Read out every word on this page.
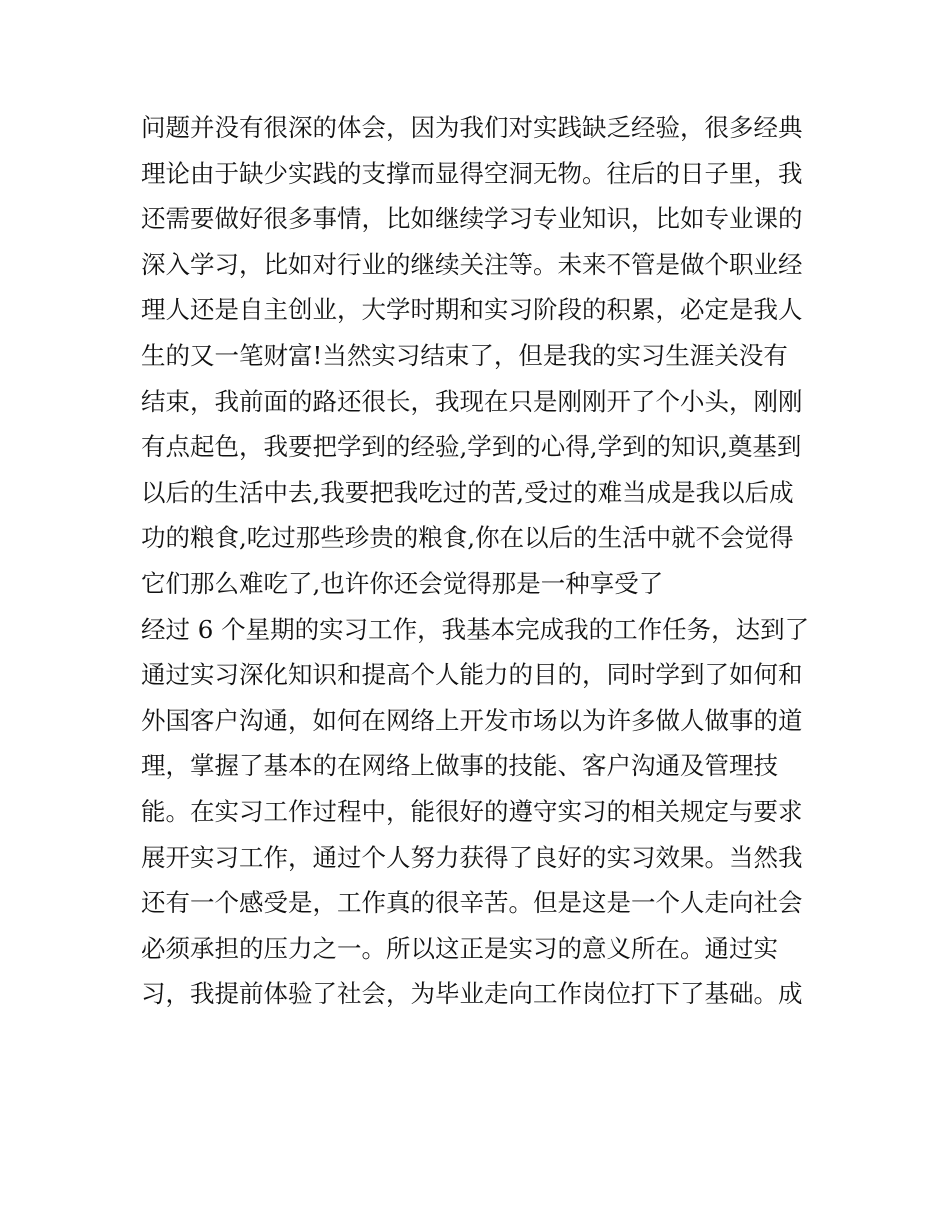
问题并没有很深的体会，因为我们对实践缺乏经验，很多经典
理论由于缺少实践的支撑而显得空洞无物。往后的日子里，我
还需要做好很多事情，比如继续学习专业知识，比如专业课的
深入学习，比如对行业的继续关注等。未来不管是做个职业经
理人还是自主创业，大学时期和实习阶段的积累，必定是我人
生的又一笔财富!当然实习结束了，但是我的实习生涯关没有
结束，我前面的路还很长，我现在只是刚刚开了个小头，刚刚
有点起色，我要把学到的经验,学到的心得,学到的知识,奠基到
以后的生活中去,我要把我吃过的苦,受过的难当成是我以后成
功的粮食,吃过那些珍贵的粮食,你在以后的生活中就不会觉得
它们那么难吃了,也许你还会觉得那是一种享受了
经过 6 个星期的实习工作，我基本完成我的工作任务，达到了
通过实习深化知识和提高个人能力的目的，同时学到了如何和
外国客户沟通，如何在网络上开发市场以为许多做人做事的道
理，掌握了基本的在网络上做事的技能、客户沟通及管理技
能。在实习工作过程中，能很好的遵守实习的相关规定与要求
展开实习工作，通过个人努力获得了良好的实习效果。当然我
还有一个感受是，工作真的很辛苦。但是这是一个人走向社会
必须承担的压力之一。所以这正是实习的意义所在。通过实
习，我提前体验了社会，为毕业走向工作岗位打下了基础。成
